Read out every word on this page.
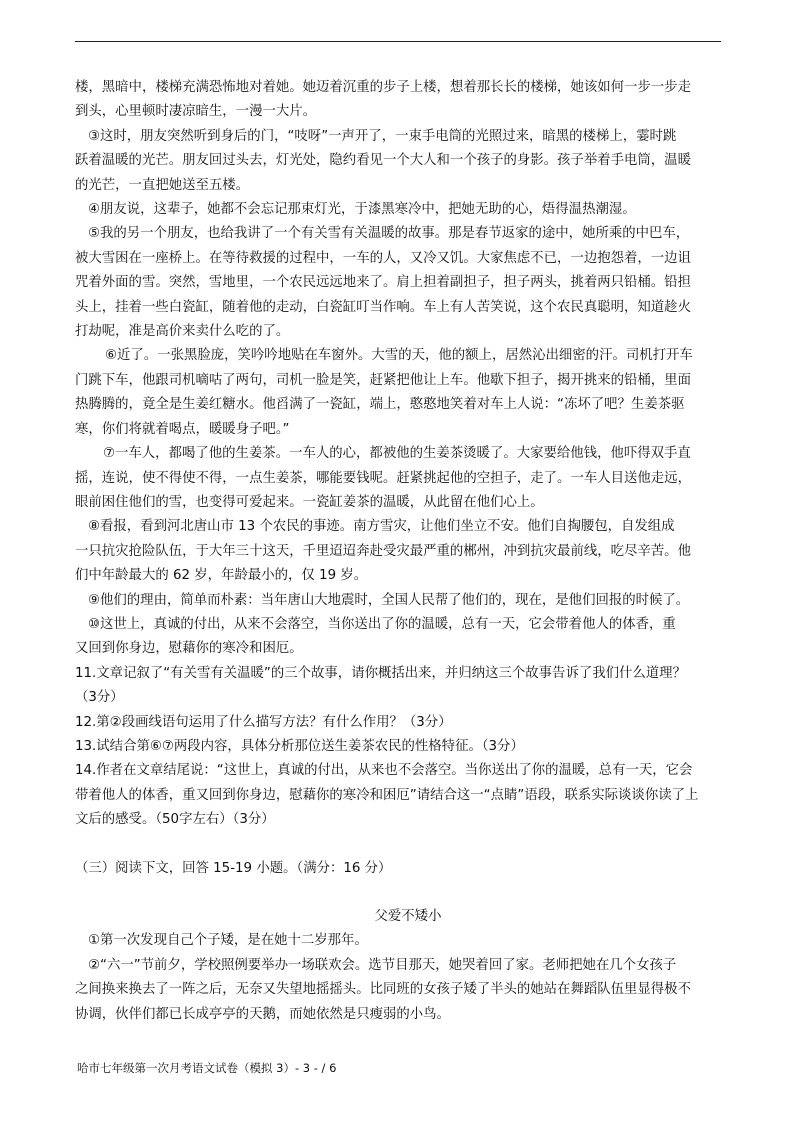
楼，黑暗中，楼梯充满恐怖地对着她。她迈着沉重的步子上楼，想着那长长的楼梯，她该如何一步一步走
到头，心里顿时凄凉暗生，一漫一大片。
③这时，朋友突然听到身后的门，“吱呀”一声开了，一束手电筒的光照过来，暗黑的楼梯上，霎时跳
跃着温暖的光芒。朋友回过头去，灯光处，隐约看见一个大人和一个孩子的身影。孩子举着手电筒，温暖
的光芒，一直把她送至五楼。
④朋友说，这辈子，她都不会忘记那束灯光，于漆黑寒冷中，把她无助的心，焐得温热潮湿。
⑤我的另一个朋友，也给我讲了一个有关雪有关温暖的故事。那是春节返家的途中，她所乘的中巴车，
被大雪困在一座桥上。在等待救援的过程中，一车的人，又冷又饥。大家焦虑不已，一边抱怨着，一边诅
咒着外面的雪。突然，雪地里，一个农民远远地来了。肩上担着副担子，担子两头，挑着两只铅桶。铅担
头上，挂着一些白瓷缸，随着他的走动，白瓷缸叮当作响。车上有人苦笑说，这个农民真聪明，知道趁火
打劫呢，准是高价来卖什么吃的了。
⑥近了。一张黑脸庞，笑吟吟地贴在车窗外。大雪的天，他的额上，居然沁出细密的汗。司机打开车
门跳下车，他跟司机嘀咕了两句，司机一脸是笑，赶紧把他让上车。他歇下担子，揭开挑来的铅桶，里面
热腾腾的，竟全是生姜红糖水。他舀满了一瓷缸，端上，憨憨地笑着对车上人说：“冻坏了吧？生姜茶驱
寒，你们将就着喝点，暖暖身子吧。”
⑦一车人，都喝了他的生姜茶。一车人的心，都被他的生姜茶烫暖了。大家要给他钱，他吓得双手直
摇，连说，使不得使不得，一点生姜茶，哪能要钱呢。赶紧挑起他的空担子，走了。一车人目送他走远，
眼前困住他们的雪，也变得可爱起来。一瓷缸姜茶的温暖，从此留在他们心上。
⑧看报，看到河北唐山市 13 个农民的事迹。南方雪灾，让他们坐立不安。他们自掏腰包，自发组成
一只抗灾抢险队伍，于大年三十这天，千里迢迢奔赴受灾最严重的郴州，冲到抗灾最前线，吃尽辛苦。他
们中年龄最大的 62 岁，年龄最小的，仅 19 岁。
⑨他们的理由，简单而朴素：当年唐山大地震时，全国人民帮了他们的，现在，是他们回报的时候了。
⑩这世上，真诚的付出，从来不会落空，当你送出了你的温暖，总有一天，它会带着他人的体香，重
又回到你身边，慰藉你的寒冷和困厄。
11.文章记叙了“有关雪有关温暖”的三个故事，请你概括出来，并归纳这三个故事告诉了我们什么道理？
（3分）
12.第②段画线语句运用了什么描写方法？有什么作用？（3分）
13.试结合第⑥⑦两段内容，具体分析那位送生姜茶农民的性格特征。（3分）
14.作者在文章结尾说：“这世上，真诚的付出，从来也不会落空。当你送出了你的温暖，总有一天，它会
带着他人的体香，重又回到你身边，慰藉你的寒冷和困厄”请结合这一“点睛”语段，联系实际谈谈你读了上
文后的感受。（50字左右）（3分）
（三）阅读下文，回答 15-19 小题。（满分：16 分）
父爱不矮小
①第一次发现自己个子矮，是在她十二岁那年。
②“六一”节前夕，学校照例要举办一场联欢会。选节目那天，她哭着回了家。老师把她在几个女孩子
之间换来换去了一阵之后，无奈又失望地摇摇头。比同班的女孩子矮了半头的她站在舞蹈队伍里显得极不
协调，伙伴们都已长成亭亭的天鹅，而她依然是只瘦弱的小鸟。
哈市七年级第一次月考语文试卷（模拟 3）- 3 - / 6
